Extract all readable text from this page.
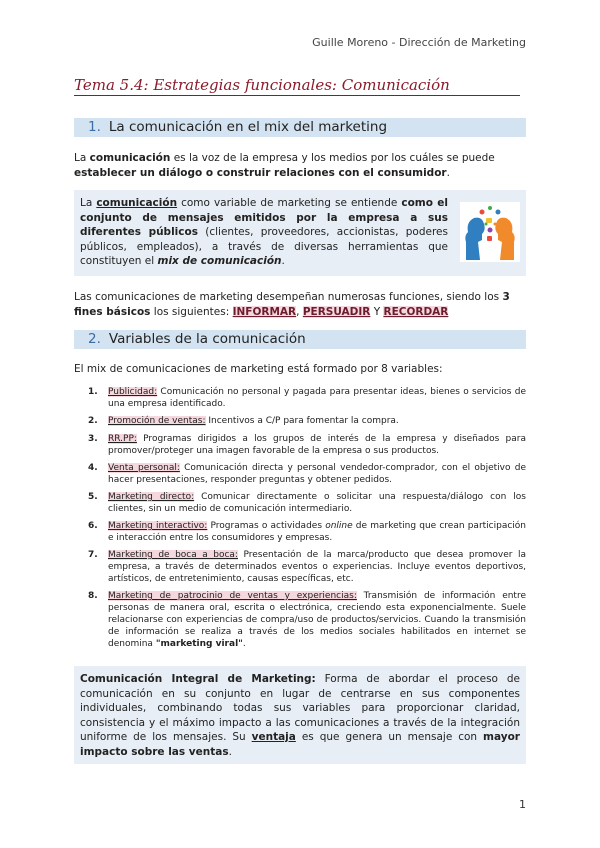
Guille Moreno - Dirección de Marketing
Tema 5.4: Estrategias funcionales: Comunicación
1. La comunicación en el mix del marketing
La comunicación es la voz de la empresa y los medios por los cuáles se puede establecer un diálogo o construir relaciones con el consumidor.
La comunicación como variable de marketing se entiende como el conjunto de mensajes emitidos por la empresa a sus diferentes públicos (clientes, proveedores, accionistas, poderes públicos, empleados), a través de diversas herramientas que constituyen el mix de comunicación.
Las comunicaciones de marketing desempeñan numerosas funciones, siendo los 3 fines básicos los siguientes: INFORMAR, PERSUADIR Y RECORDAR
2. Variables de la comunicación
El mix de comunicaciones de marketing está formado por 8 variables:
1. Publicidad: Comunicación no personal y pagada para presentar ideas, bienes o servicios de una empresa identificado.
2. Promoción de ventas: Incentivos a C/P para fomentar la compra.
3. RR.PP: Programas dirigidos a los grupos de interés de la empresa y diseñados para promover/proteger una imagen favorable de la empresa o sus productos.
4. Venta personal: Comunicación directa y personal vendedor-comprador, con el objetivo de hacer presentaciones, responder preguntas y obtener pedidos.
5. Marketing directo: Comunicar directamente o solicitar una respuesta/diálogo con los clientes, sin un medio de comunicación intermediario.
6. Marketing interactivo: Programas o actividades online de marketing que crean participación e interacción entre los consumidores y empresas.
7. Marketing de boca a boca: Presentación de la marca/producto que desea promover la empresa, a través de determinados eventos o experiencias. Incluye eventos deportivos, artísticos, de entretenimiento, causas específicas, etc.
8. Marketing de patrocinio de ventas y experiencias: Transmisión de información entre personas de manera oral, escrita o electrónica, creciendo esta exponencialmente. Suele relacionarse con experiencias de compra/uso de productos/servicios. Cuando la transmisión de información se realiza a través de los medios sociales habilitados en internet se denomina "marketing viral".
Comunicación Integral de Marketing: Forma de abordar el proceso de comunicación en su conjunto en lugar de centrarse en sus componentes individuales, combinando todas sus variables para proporcionar claridad, consistencia y el máximo impacto a las comunicaciones a través de la integración uniforme de los mensajes. Su ventaja es que genera un mensaje con mayor impacto sobre las ventas.
1
